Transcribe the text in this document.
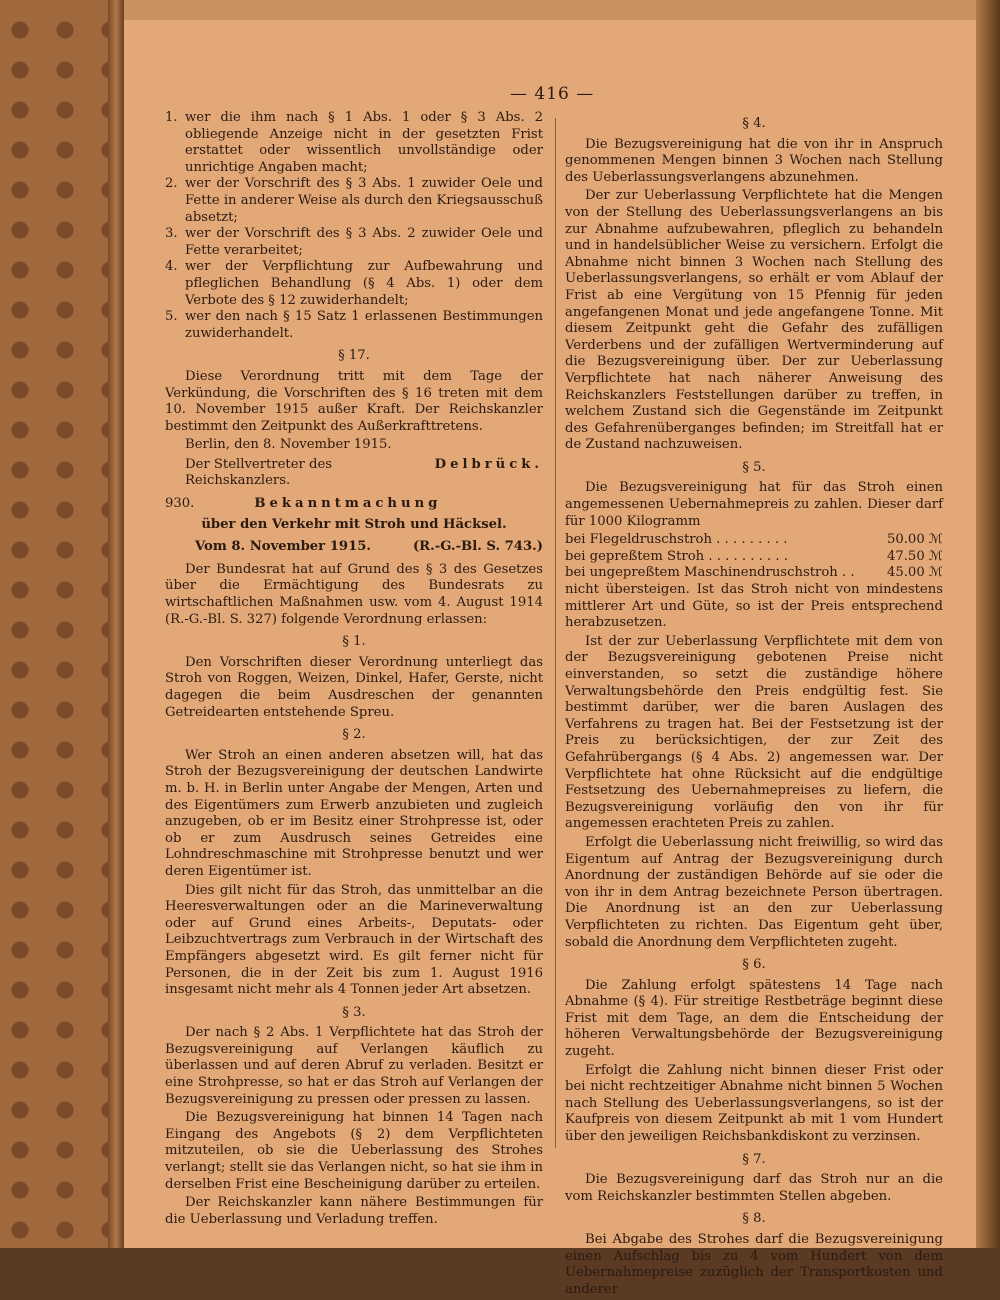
— 416 —
1. wer die ihm nach § 1 Abs. 1 oder § 3 Abs. 2 obliegende Anzeige nicht in der gesetzten Frist erstattet oder wissentlich unvollständige oder unrichtige Angaben macht;
2. wer der Vorschrift des § 3 Abs. 1 zuwider Oele und Fette in anderer Weise als durch den Kriegsausschuß absetzt;
3. wer der Vorschrift des § 3 Abs. 2 zuwider Oele und Fette verarbeitet;
4. wer der Verpflichtung zur Aufbewahrung und pfleglichen Behandlung (§ 4 Abs. 1) oder dem Verbote des § 12 zuwiderhandelt;
5. wer den nach § 15 Satz 1 erlassenen Bestimmungen zuwiderhandelt.
§ 17.

Diese Verordnung tritt mit dem Tage der Verkündung, die Vorschriften des § 16 treten mit dem 10. November 1915 außer Kraft. Der Reichskanzler bestimmt den Zeitpunkt des Außerkrafttretens.

Berlin, den 8. November 1915.

Der Stellvertreter des Reichskanzlers.
Delbrück.
930.	Bekanntmachung
über den Verkehr mit Stroh und Häcksel.
Vom 8. November 1915.	(R.-G.-Bl. S. 743.)

Der Bundesrat hat auf Grund des § 3 des Gesetzes über die Ermächtigung des Bundesrats zu wirtschaftlichen Maßnahmen usw. vom 4. August 1914 (R.-G.-Bl. S. 327) folgende Verordnung erlassen:

§ 1.

Den Vorschriften dieser Verordnung unterliegt das Stroh von Roggen, Weizen, Dinkel, Hafer, Gerste, nicht dagegen die beim Ausdreschen der genannten Getreidearten entstehende Spreu.

§ 2.

Wer Stroh an einen anderen absetzen will, hat das Stroh der Bezugsvereinigung der deutschen Landwirte m. b. H. in Berlin unter Angabe der Mengen, Arten und des Eigentümers zum Erwerb anzubieten und zugleich anzugeben, ob er im Besitz einer Strohpresse ist, oder ob er zum Ausdrusch seines Getreides eine Lohndreschmaschine mit Strohpresse benutzt und wer deren Eigentümer ist.

Dies gilt nicht für das Stroh, das unmittelbar an die Heeresverwaltungen oder an die Marineverwaltung oder auf Grund eines Arbeits-, Deputats- oder Leibzuchtvertrags zum Verbrauch in der Wirtschaft des Empfängers abgesetzt wird. Es gilt ferner nicht für Personen, die in der Zeit bis zum 1. August 1916 insgesamt nicht mehr als 4 Tonnen jeder Art absetzen.

§ 3.

Der nach § 2 Abs. 1 Verpflichtete hat das Stroh der Bezugsvereinigung auf Verlangen käuflich zu überlassen und auf deren Abruf zu verladen. Besitzt er eine Strohpresse, so hat er das Stroh auf Verlangen der Bezugsvereinigung zu pressen oder pressen zu lassen.

Die Bezugsvereinigung hat binnen 14 Tagen nach Eingang des Angebots (§ 2) dem Verpflichteten mitzuteilen, ob sie die Ueberlassung des Strohes verlangt; stellt sie das Verlangen nicht, so hat sie ihm in derselben Frist eine Bescheinigung darüber zu erteilen.

Der Reichskanzler kann nähere Bestimmungen für die Ueberlassung und Verladung treffen.

§ 4.

Die Bezugsvereinigung hat die von ihr in Anspruch genommenen Mengen binnen 3 Wochen nach Stellung des Ueberlassungsverlangens abzunehmen.

Der zur Ueberlassung Verpflichtete hat die Mengen von der Stellung des Ueberlassungsverlangens an bis zur Abnahme aufzubewahren, pfleglich zu behandeln und in handelsüblicher Weise zu versichern. Erfolgt die Abnahme nicht binnen 3 Wochen nach Stellung des Ueberlassungsverlangens, so erhält er vom Ablauf der Frist ab eine Vergütung von 15 Pfennig für jeden angefangenen Monat und jede angefangene Tonne. Mit diesem Zeitpunkt geht die Gefahr des zufälligen Verderbens und der zufälligen Wertverminderung auf die Bezugsvereinigung über. Der zur Ueberlassung Verpflichtete hat nach näherer Anweisung des Reichskanzlers Feststellungen darüber zu treffen, in welchem Zustand sich die Gegenstände im Zeitpunkt des Gefahrenüberganges befinden; im Streitfall hat er de Zustand nachzuweisen.

§ 5.

Die Bezugsvereinigung hat für das Stroh einen angemessenen Uebernahmepreis zu zahlen. Dieser darf für 1000 Kilogramm

bei Flegeldruschstroh . . . . . . . . .	50.00 ℳ
bei gepreßtem Stroh . . . . . . . . . .	47.50 ℳ
bei ungepreßtem Maschinendruschstroh . . 45.00 ℳ

nicht übersteigen. Ist das Stroh nicht von mindestens mittlerer Art und Güte, so ist der Preis entsprechend herabzusetzen.

Ist der zur Ueberlassung Verpflichtete mit dem von der Bezugsvereinigung gebotenen Preise nicht einverstanden, so setzt die zuständige höhere Verwaltungsbehörde den Preis endgültig fest. Sie bestimmt darüber, wer die baren Auslagen des Verfahrens zu tragen hat. Bei der Festsetzung ist der Preis zu berücksichtigen, der zur Zeit des Gefahrübergangs (§ 4 Abs. 2) angemessen war. Der Verpflichtete hat ohne Rücksicht auf die endgültige Festsetzung des Uebernahmepreises zu liefern, die Bezugsvereinigung vorläufig den von ihr für angemessen erachteten Preis zu zahlen.

Erfolgt die Ueberlassung nicht freiwillig, so wird das Eigentum auf Antrag der Bezugsvereinigung durch Anordnung der zuständigen Behörde auf sie oder die von ihr in dem Antrag bezeichnete Person übertragen. Die Anordnung ist an den zur Ueberlassung Verpflichteten zu richten. Das Eigentum geht über, sobald die Anordnung dem Verpflichteten zugeht.

§ 6.

Die Zahlung erfolgt spätestens 14 Tage nach Abnahme (§ 4). Für streitige Restbeträge beginnt diese Frist mit dem Tage, an dem die Entscheidung der höheren Verwaltungsbehörde der Bezugsvereinigung zugeht.

Erfolgt die Zahlung nicht binnen dieser Frist oder bei nicht rechtzeitiger Abnahme nicht binnen 5 Wochen nach Stellung des Ueberlassungsverlangens, so ist der Kaufpreis von diesem Zeitpunkt ab mit 1 vom Hundert über den jeweiligen Reichsbankdiskont zu verzinsen.

§ 7.

Die Bezugsvereinigung darf das Stroh nur an die vom Reichskanzler bestimmten Stellen abgeben.

§ 8.

Bei Abgabe des Strohes darf die Bezugsvereinigung einen Aufschlag bis zu 4 vom Hundert von dem Uebernahmepreise zuzüglich der Transportkosten und anderer
